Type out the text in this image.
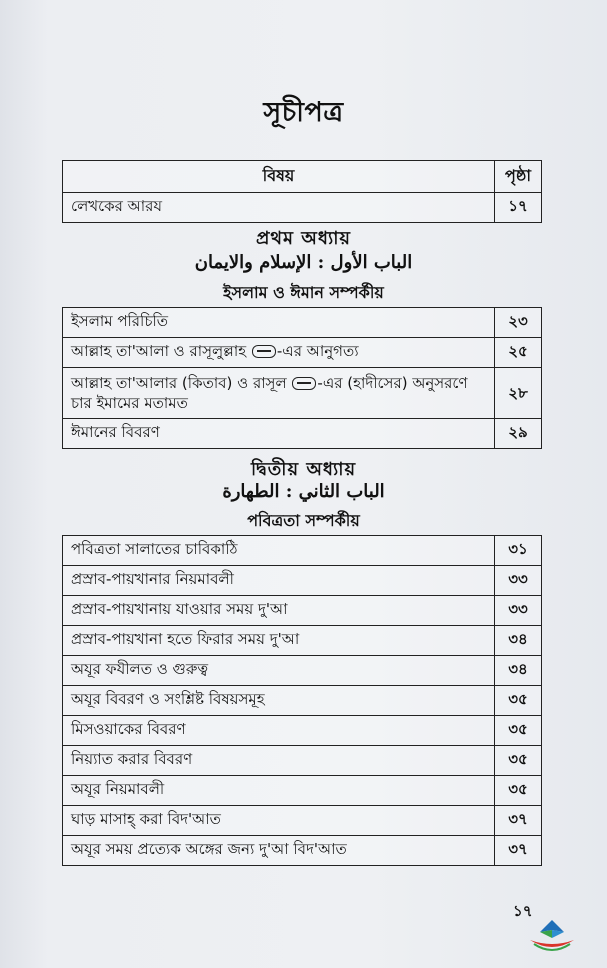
সূচীপত্র
বিষয়	পৃষ্ঠা
লেখকের আরয	১৭
প্রথম অধ্যায়
الباب الأول : الإسلام والايمان
ইসলাম ও ঈমান সম্পর্কীয়
ইসলাম পরিচিতি	২৩
আল্লাহ তা'আলা ও রাসূলুল্লাহ -এর আনুগত্য	২৫
আল্লাহ তা'আলার (কিতাব) ও রাসূল -এর (হাদীসের) অনুসরণে
চার ইমামের মতামত	২৮
ঈমানের বিবরণ	২৯
দ্বিতীয় অধ্যায়
الباب الثاني : الطهارة
পবিত্রতা সম্পর্কীয়
পবিত্রতা সালাতের চাবিকাঠি	৩১
প্রস্রাব-পায়খানার নিয়মাবলী	৩৩
প্রস্রাব-পায়খানায় যাওয়ার সময় দু'আ	৩৩
প্রস্রাব-পায়খানা হতে ফিরার সময় দু'আ	৩৪
অযূর ফযীলত ও গুরুত্ব	৩৪
অযূর বিবরণ ও সংশ্লিষ্ট বিষয়সমূহ	৩৫
মিসওয়াকের বিবরণ	৩৫
নিয়্যাত করার বিবরণ	৩৫
অযূর নিয়মাবলী	৩৫
ঘাড় মাসাহ্ করা বিদ'আত	৩৭
অযূর সময় প্রত্যেক অঙ্গের জন্য দু'আ বিদ'আত	৩৭
১৭
